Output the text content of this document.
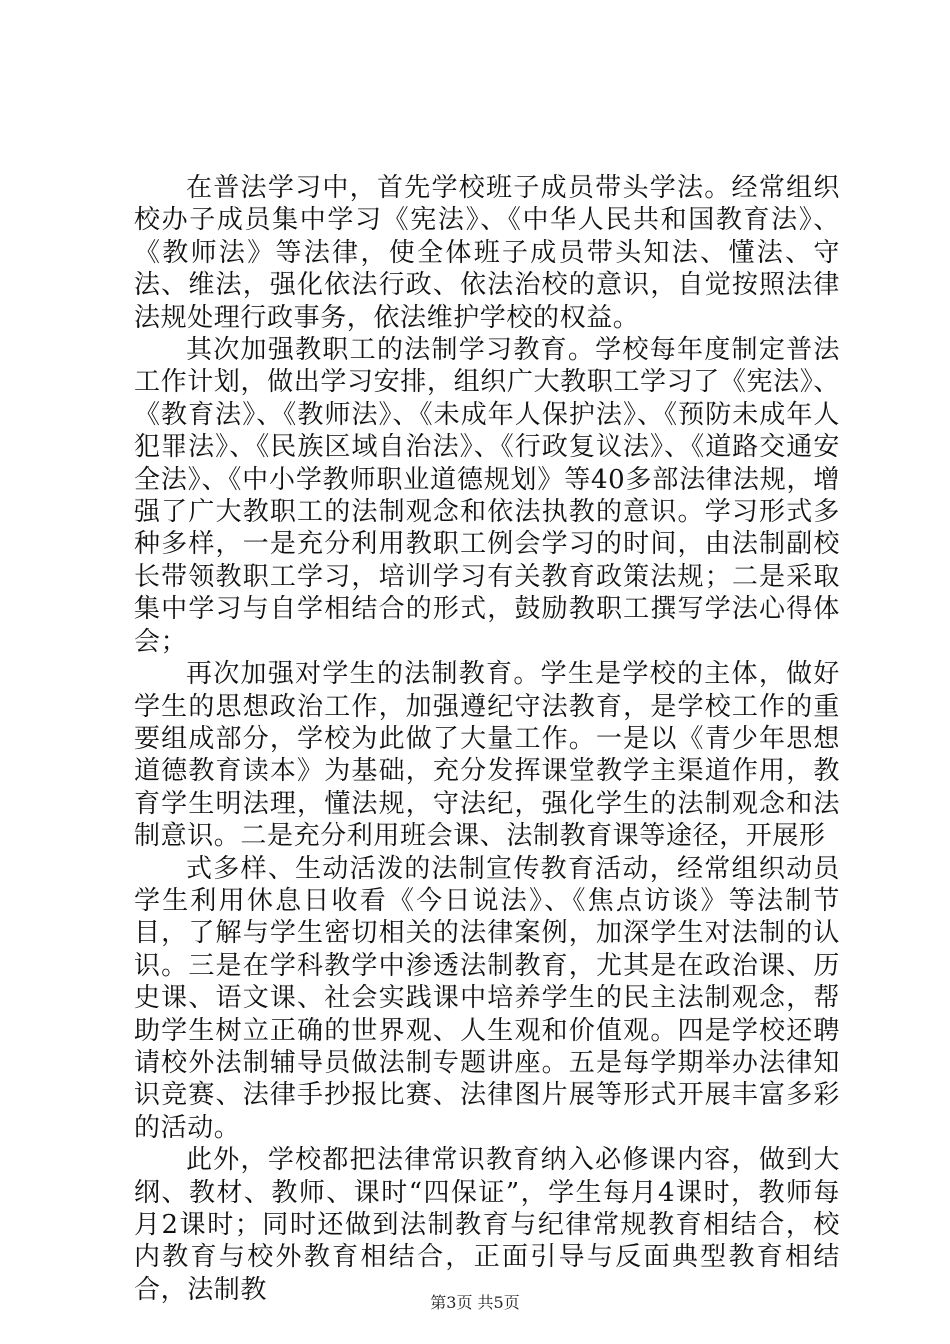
在普法学习中，首先学校班子成员带头学法。经常组织校办子成员集中学习《宪法》、《中华人民共和国教育法》、《教师法》等法律，使全体班子成员带头知法、懂法、守法、维法，强化依法行政、依法治校的意识，自觉按照法律法规处理行政事务，依法维护学校的权益。

其次加强教职工的法制学习教育。学校每年度制定普法工作计划，做出学习安排，组织广大教职工学习了《宪法》、《教育法》、《教师法》、《未成年人保护法》、《预防未成年人犯罪法》、《民族区域自治法》、《行政复议法》、《道路交通安全法》、《中小学教师职业道德规划》等40多部法律法规，增强了广大教职工的法制观念和依法执教的意识。学习形式多种多样，一是充分利用教职工例会学习的时间，由法制副校长带领教职工学习，培训学习有关教育政策法规；二是采取集中学习与自学相结合的形式，鼓励教职工撰写学法心得体会；

再次加强对学生的法制教育。学生是学校的主体，做好学生的思想政治工作，加强遵纪守法教育，是学校工作的重要组成部分，学校为此做了大量工作。一是以《青少年思想道德教育读本》为基础，充分发挥课堂教学主渠道作用，教育学生明法理，懂法规，守法纪，强化学生的法制观念和法制意识。二是充分利用班会课、法制教育课等途径，开展形

式多样、生动活泼的法制宣传教育活动，经常组织动员学生利用休息日收看《今日说法》、《焦点访谈》等法制节目，了解与学生密切相关的法律案例，加深学生对法制的认识。三是在学科教学中渗透法制教育，尤其是在政治课、历史课、语文课、社会实践课中培养学生的民主法制观念，帮助学生树立正确的世界观、人生观和价值观。四是学校还聘请校外法制辅导员做法制专题讲座。五是每学期举办法律知识竞赛、法律手抄报比赛、法律图片展等形式开展丰富多彩的活动。

此外，学校都把法律常识教育纳入必修课内容，做到大纲、教材、教师、课时“四保证”，学生每月4课时，教师每月2课时；同时还做到法制教育与纪律常规教育相结合，校内教育与校外教育相结合，正面引导与反面典型教育相结合，法制教	第3页 共5页
